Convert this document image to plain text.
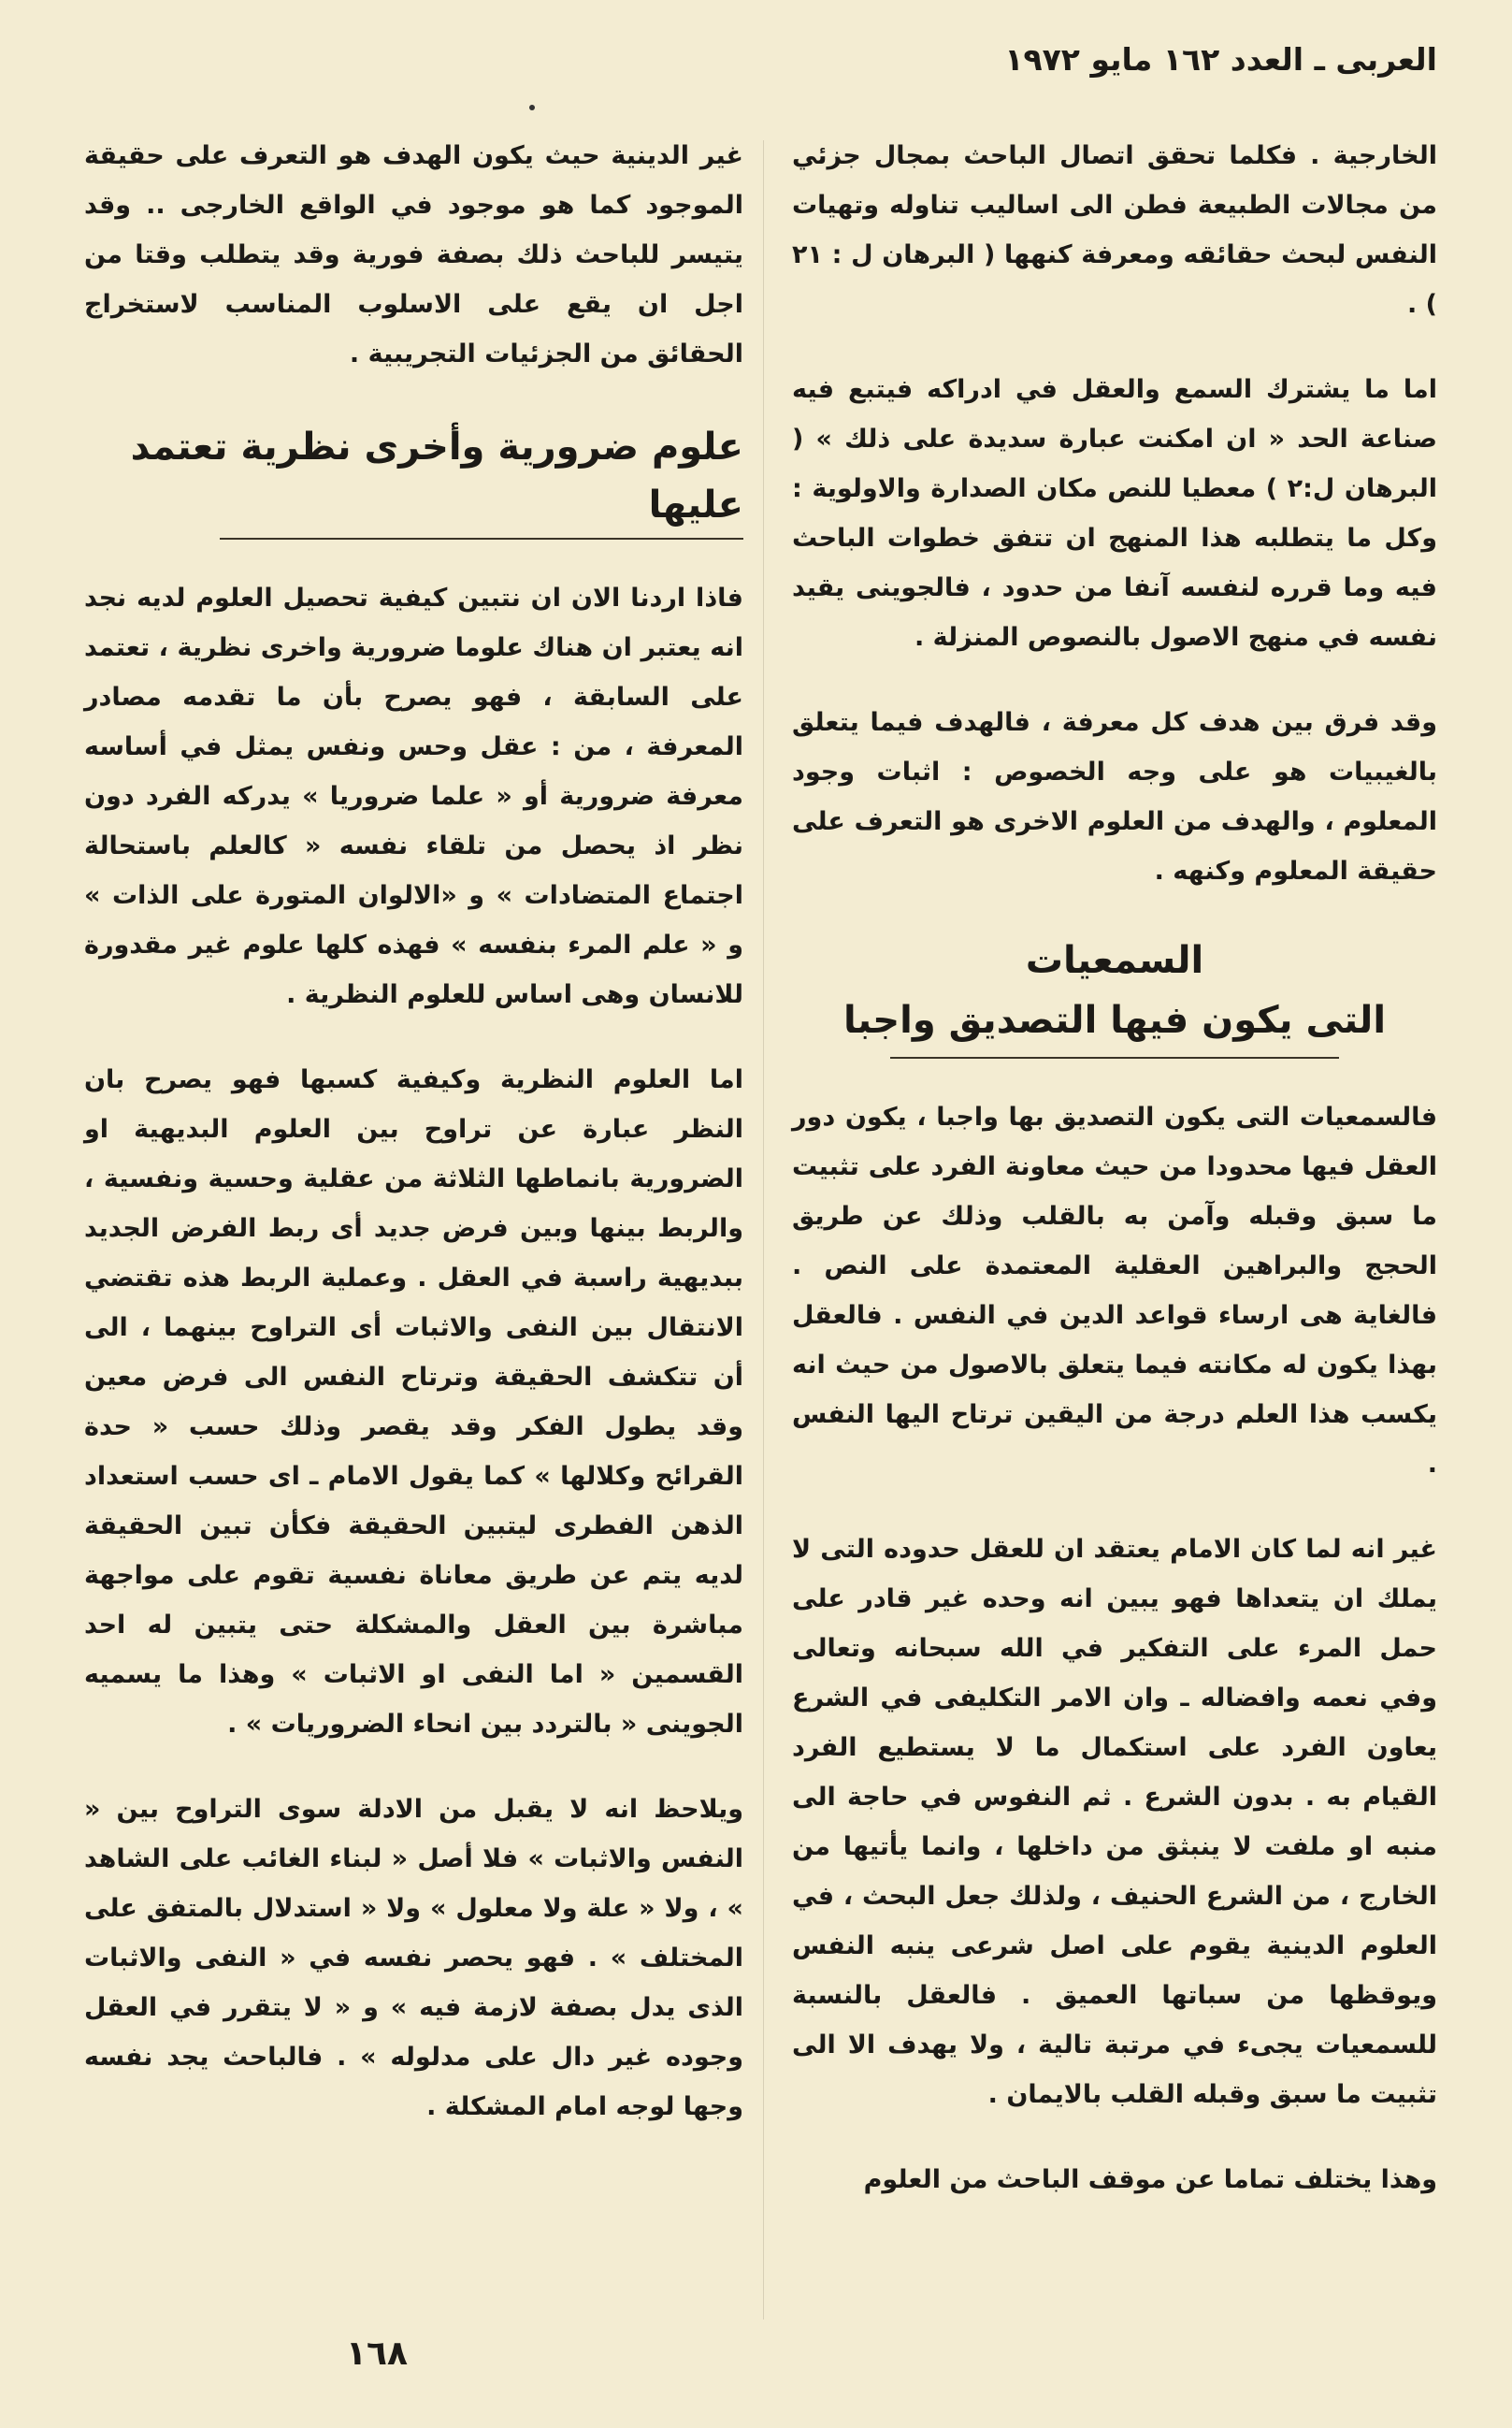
العربى ـ العدد ١٦٢ مايو ١٩٧٢

الخارجية . فكلما تحقق اتصال الباحث بمجال جزئي من مجالات الطبيعة فطن الى اساليب تناوله وتهيات النفس لبحث حقائقه ومعرفة كنهها ( البرهان ل : ٢١ ) .

اما ما يشترك السمع والعقل في ادراكه فيتبع فيه صناعة الحد « ان امكنت عبارة سديدة على ذلك » ( البرهان ل:٢ ) معطيا للنص مكان الصدارة والاولوية : وكل ما يتطلبه هذا المنهج ان تتفق خطوات الباحث فيه وما قرره لنفسه آنفا من حدود ، فالجوينى يقيد نفسه في منهج الاصول بالنصوص المنزلة .

وقد فرق بين هدف كل معرفة ، فالهدف فيما يتعلق بالغيبيات هو على وجه الخصوص : اثبات وجود المعلوم ، والهدف من العلوم الاخرى هو التعرف على حقيقة المعلوم وكنهه .

السمعيات
التى يكون فيها التصديق واجبا

فالسمعيات التى يكون التصديق بها واجبا ، يكون دور العقل فيها محدودا من حيث معاونة الفرد على تثبيت ما سبق وقبله وآمن به بالقلب وذلك عن طريق الحجج والبراهين العقلية المعتمدة على النص . فالغاية هى ارساء قواعد الدين في النفس . فالعقل بهذا يكون له مكانته فيما يتعلق بالاصول من حيث انه يكسب هذا العلم درجة من اليقين ترتاح اليها النفس .

غير انه لما كان الامام يعتقد ان للعقل حدوده التى لا يملك ان يتعداها فهو يبين انه وحده غير قادر على حمل المرء على التفكير في الله سبحانه وتعالى وفي نعمه وافضاله ـ وان الامر التكليفى في الشرع يعاون الفرد على استكمال ما لا يستطيع الفرد القيام به . بدون الشرع . ثم النفوس في حاجة الى منبه او ملفت لا ينبثق من داخلها ، وانما يأتيها من الخارج ، من الشرع الحنيف ، ولذلك جعل البحث ، في العلوم الدينية يقوم على اصل شرعى ينبه النفس ويوقظها من سباتها العميق . فالعقل بالنسبة للسمعيات يجىء في مرتبة تالية ، ولا يهدف الا الى تثبيت ما سبق وقبله القلب بالايمان .

وهذا يختلف تماما عن موقف الباحث من العلوم

غير الدينية حيث يكون الهدف هو التعرف على حقيقة الموجود كما هو موجود في الواقع الخارجى .. وقد يتيسر للباحث ذلك بصفة فورية وقد يتطلب وقتا من اجل ان يقع على الاسلوب المناسب لاستخراج الحقائق من الجزئيات التجريبية .

علوم ضرورية وأخرى نظرية تعتمد عليها

فاذا اردنا الان ان نتبين كيفية تحصيل العلوم لديه نجد انه يعتبر ان هناك علوما ضرورية واخرى نظرية ، تعتمد على السابقة ، فهو يصرح بأن ما تقدمه مصادر المعرفة ، من : عقل وحس ونفس يمثل في أساسه معرفة ضرورية أو « علما ضروريا » يدركه الفرد دون نظر اذ يحصل من تلقاء نفسه « كالعلم باستحالة اجتماع المتضادات » و «الالوان المتورة على الذات » و « علم المرء بنفسه » فهذه كلها علوم غير مقدورة للانسان وهى اساس للعلوم النظرية .

اما العلوم النظرية وكيفية كسبها فهو يصرح بان النظر عبارة عن تراوح بين العلوم البديهية او الضرورية بانماطها الثلاثة من عقلية وحسية ونفسية ، والربط بينها وبين فرض جديد أى ربط الفرض الجديد ببديهية راسبة في العقل . وعملية الربط هذه تقتضي الانتقال بين النفى والاثبات أى التراوح بينهما ، الى أن تتكشف الحقيقة وترتاح النفس الى فرض معين وقد يطول الفكر وقد يقصر وذلك حسب « حدة القرائح وكلالها » كما يقول الامام ـ اى حسب استعداد الذهن الفطرى ليتبين الحقيقة فكأن تبين الحقيقة لديه يتم عن طريق معاناة نفسية تقوم على مواجهة مباشرة بين العقل والمشكلة حتى يتبين له احد القسمين « اما النفى او الاثبات » وهذا ما يسميه الجوينى « بالتردد بين انحاء الضروريات » .

ويلاحظ انه لا يقبل من الادلة سوى التراوح بين « النفس والاثبات » فلا أصل « لبناء الغائب على الشاهد » ، ولا « علة ولا معلول » ولا « استدلال بالمتفق على المختلف » . فهو يحصر نفسه في « النفى والاثبات الذى يدل بصفة لازمة فيه » و « لا يتقرر في العقل وجوده غير دال على مدلوله » . فالباحث يجد نفسه وجها لوجه امام المشكلة .

١٦٨
